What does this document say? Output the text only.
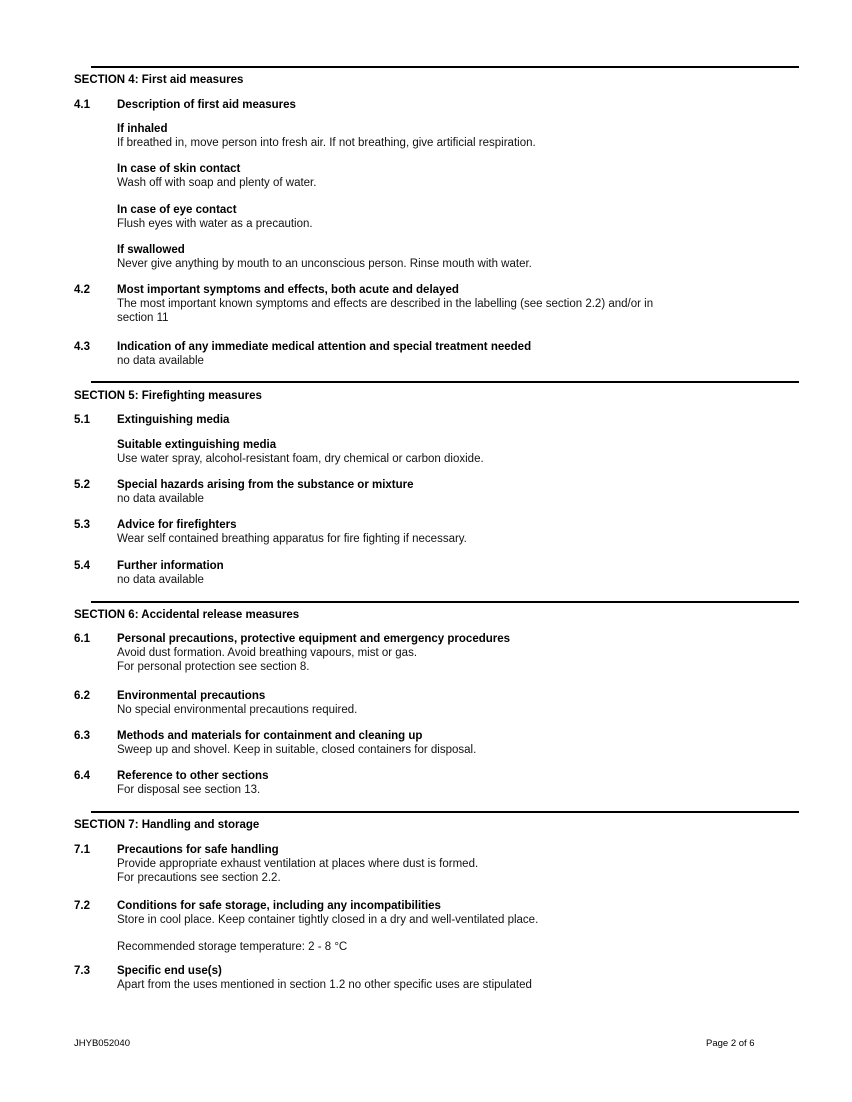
SECTION 4: First aid measures
4.1 Description of first aid measures
If inhaled
If breathed in, move person into fresh air. If not breathing, give artificial respiration.
In case of skin contact
Wash off with soap and plenty of water.
In case of eye contact
Flush eyes with water as a precaution.
If swallowed
Never give anything by mouth to an unconscious person. Rinse mouth with water.
4.2 Most important symptoms and effects, both acute and delayed
The most important known symptoms and effects are described in the labelling (see section 2.2) and/or in
section 11
4.3 Indication of any immediate medical attention and special treatment needed
no data available
SECTION 5: Firefighting measures
5.1 Extinguishing media
Suitable extinguishing media
Use water spray, alcohol-resistant foam, dry chemical or carbon dioxide.
5.2 Special hazards arising from the substance or mixture
no data available
5.3 Advice for firefighters
Wear self contained breathing apparatus for fire fighting if necessary.
5.4 Further information
no data available
SECTION 6: Accidental release measures
6.1 Personal precautions, protective equipment and emergency procedures
Avoid dust formation. Avoid breathing vapours, mist or gas.
For personal protection see section 8.
6.2 Environmental precautions
No special environmental precautions required.
6.3 Methods and materials for containment and cleaning up
Sweep up and shovel. Keep in suitable, closed containers for disposal.
6.4 Reference to other sections
For disposal see section 13.
SECTION 7: Handling and storage
7.1 Precautions for safe handling
Provide appropriate exhaust ventilation at places where dust is formed.
For precautions see section 2.2.
7.2 Conditions for safe storage, including any incompatibilities
Store in cool place. Keep container tightly closed in a dry and well-ventilated place.
Recommended storage temperature: 2 - 8 °C
7.3 Specific end use(s)
Apart from the uses mentioned in section 1.2 no other specific uses are stipulated
JHYB052040	Page 2 of 6
